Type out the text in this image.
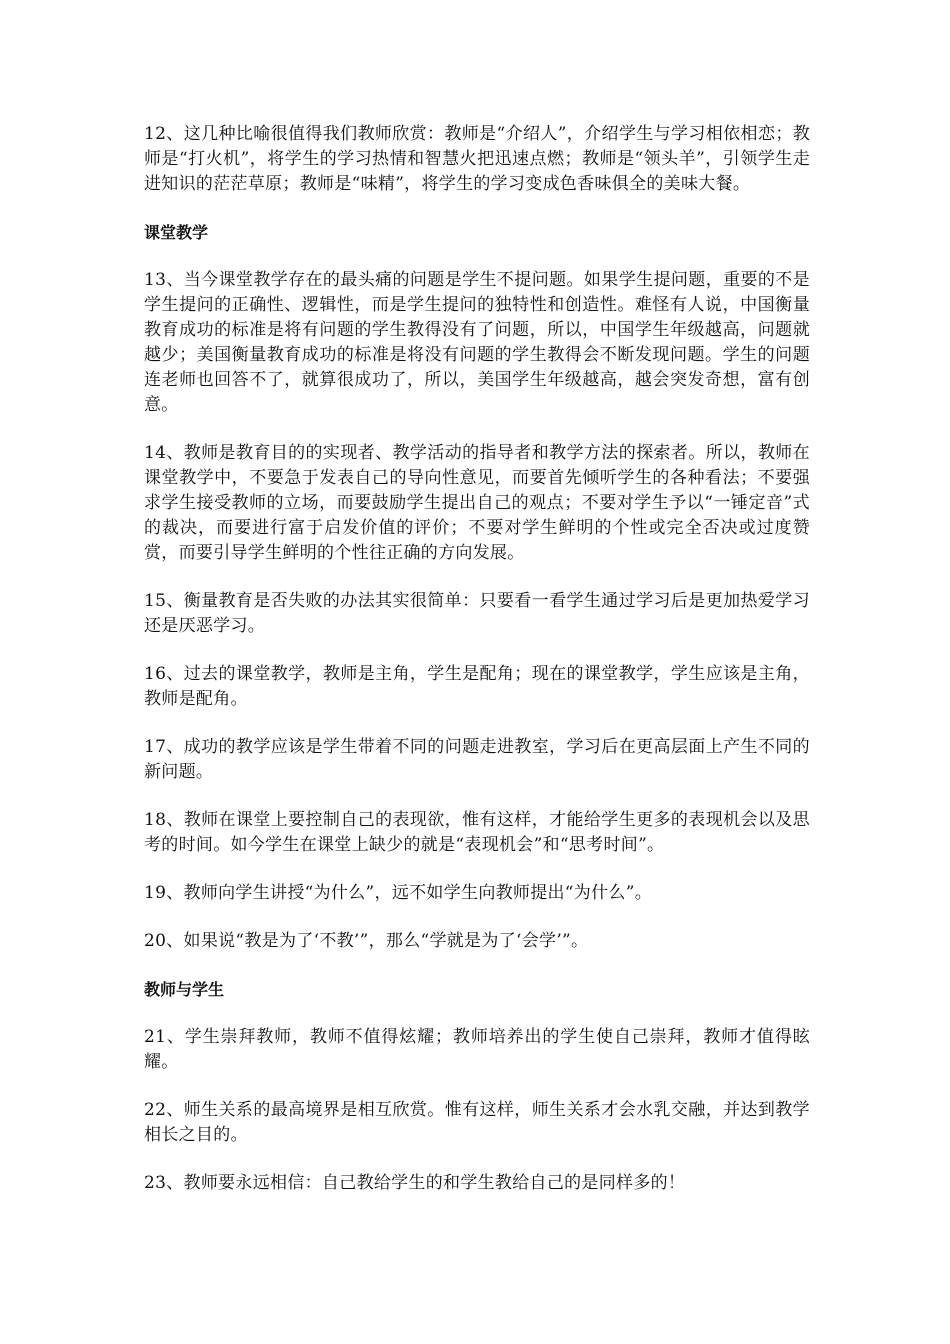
12、这几种比喻很值得我们教师欣赏：教师是“介绍人”，介绍学生与学习相依相恋；教师是“打火机”，将学生的学习热情和智慧火把迅速点燃；教师是“领头羊”，引领学生走进知识的茫茫草原；教师是“味精”，将学生的学习变成色香味俱全的美味大餐。

课堂教学

13、当今课堂教学存在的最头痛的问题是学生不提问题。如果学生提问题，重要的不是学生提问的正确性、逻辑性，而是学生提问的独特性和创造性。难怪有人说，中国衡量教育成功的标准是将有问题的学生教得没有了问题，所以，中国学生年级越高，问题就越少；美国衡量教育成功的标准是将没有问题的学生教得会不断发现问题。学生的问题连老师也回答不了，就算很成功了，所以，美国学生年级越高，越会突发奇想，富有创意。

14、教师是教育目的的实现者、教学活动的指导者和教学方法的探索者。所以，教师在课堂教学中，不要急于发表自己的导向性意见，而要首先倾听学生的各种看法；不要强求学生接受教师的立场，而要鼓励学生提出自己的观点；不要对学生予以“一锤定音”式的裁决，而要进行富于启发价值的评价；不要对学生鲜明的个性或完全否决或过度赞赏，而要引导学生鲜明的个性往正确的方向发展。

15、衡量教育是否失败的办法其实很简单：只要看一看学生通过学习后是更加热爱学习还是厌恶学习。

16、过去的课堂教学，教师是主角，学生是配角；现在的课堂教学，学生应该是主角，教师是配角。

17、成功的教学应该是学生带着不同的问题走进教室，学习后在更高层面上产生不同的新问题。

18、教师在课堂上要控制自己的表现欲，惟有这样，才能给学生更多的表现机会以及思考的时间。如今学生在课堂上缺少的就是“表现机会”和“思考时间”。

19、教师向学生讲授“为什么”，远不如学生向教师提出“为什么”。

20、如果说“教是为了‘不教’”，那么“学就是为了‘会学’”。

教师与学生

21、学生崇拜教师，教师不值得炫耀；教师培养出的学生使自己崇拜，教师才值得眩耀。

22、师生关系的最高境界是相互欣赏。惟有这样，师生关系才会水乳交融，并达到教学相长之目的。

23、教师要永远相信：自己教给学生的和学生教给自己的是同样多的！
